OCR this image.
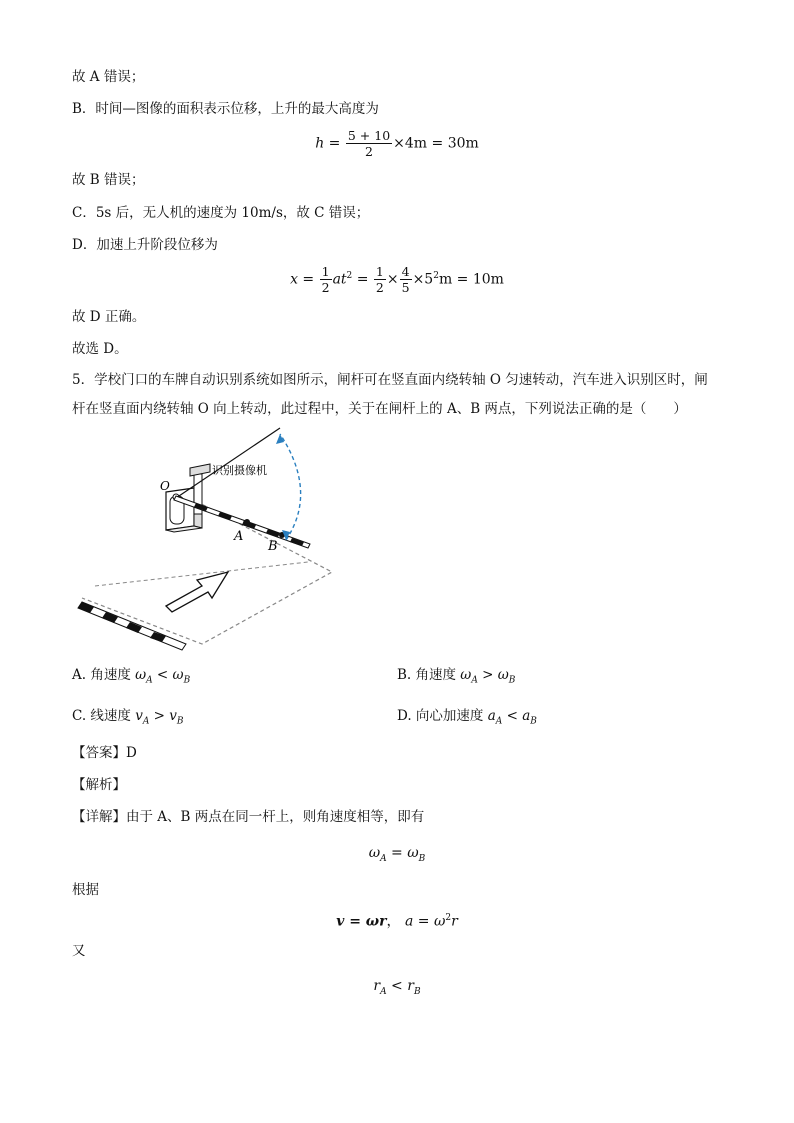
故 A 错误；
B．时间—图像的面积表示位移，上升的最大高度为
$h = \frac{5 + 10}{2} \times 4m = 30m$
故 B 错误；
C．5s 后，无人机的速度为 10m/s，故 C 错误；
D．加速上升阶段位移为
$x = \frac{1}{2} at^2 = \frac{1}{2} \times \frac{4}{5} \times 5^2m = 10m$
故 D 正确。
故选 D。
5．学校门口的车牌自动识别系统如图所示，闸杆可在竖直面内绕转轴 O 匀速转动，汽车进入识别区时，闸
杆在竖直面内绕转轴 O 向上转动，此过程中，关于在闸杆上的 A、B 两点，下列说法正确的是（　　）
O
A
B
识别摄像机
A. 角速度 $\omega_A < \omega_B$	B. 角速度 $\omega_A > \omega_B$
C. 线速度 $v_A > v_B$	D. 向心加速度 $a_A < a_B$
【答案】D
【解析】
【详解】由于 A、B 两点在同一杆上，则角速度相等，即有
$\omega_A = \omega_B$
根据
v = ωr， $a = \omega^2r$
又
$r_A < r_B$
